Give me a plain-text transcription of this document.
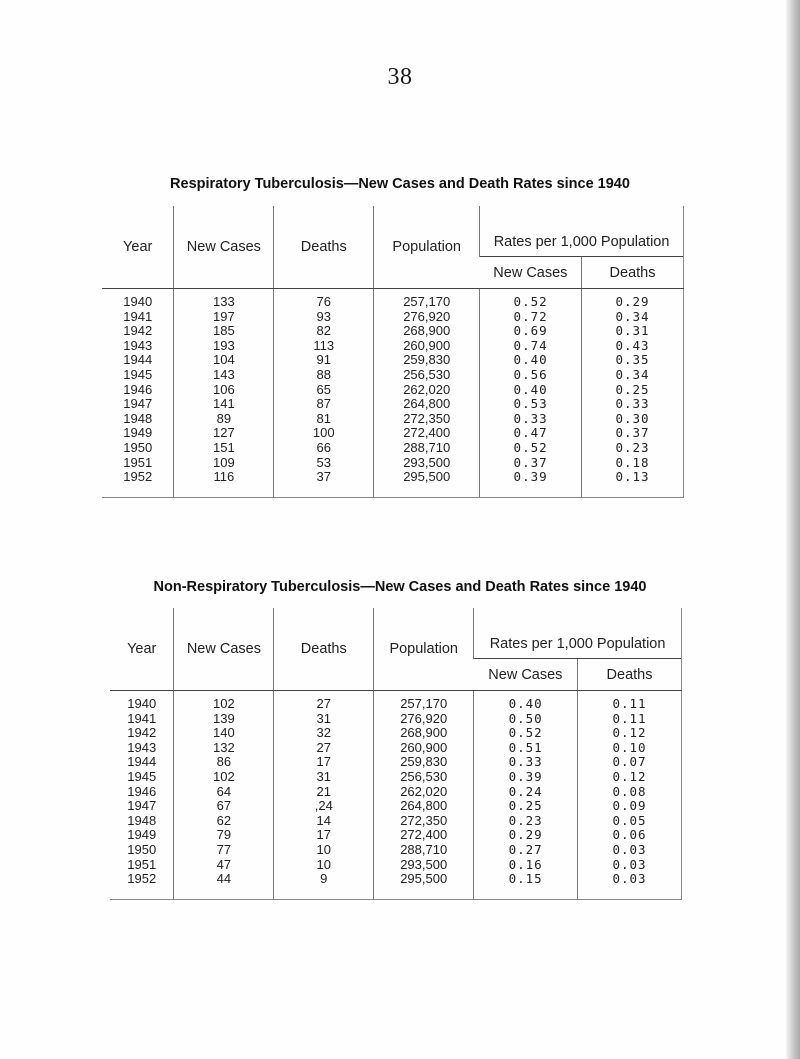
38
Respiratory Tuberculosis—New Cases and Death Rates since 1940
Year	New Cases	Deaths	Population	Rates per 1,000 Population	
				New Cases	Deaths
1940	133	76	257,170	0.52	0.29
1941	197	93	276,920	0.72	0.34
1942	185	82	268,900	0.69	0.31
1943	193	113	260,900	0.74	0.43
1944	104	91	259,830	0.40	0.35
1945	143	88	256,530	0.56	0.34
1946	106	65	262,020	0.40	0.25
1947	141	87	264,800	0.53	0.33
1948	89	81	272,350	0.33	0.30
1949	127	100	272,400	0.47	0.37
1950	151	66	288,710	0.52	0.23
1951	109	53	293,500	0.37	0.18
1952	116	37	295,500	0.39	0.13
Non-Respiratory Tuberculosis—New Cases and Death Rates since 1940
Year	New Cases	Deaths	Population	Rates per 1,000 Population	
				New Cases	Deaths
1940	102	27	257,170	0.40	0.11
1941	139	31	276,920	0.50	0.11
1942	140	32	268,900	0.52	0.12
1943	132	27	260,900	0.51	0.10
1944	86	17	259,830	0.33	0.07
1945	102	31	256,530	0.39	0.12
1946	64	21	262,020	0.24	0.08
1947	67	,24	264,800	0.25	0.09
1948	62	14	272,350	0.23	0.05
1949	79	17	272,400	0.29	0.06
1950	77	10	288,710	0.27	0.03
1951	47	10	293,500	0.16	0.03
1952	44	9	295,500	0.15	0.03
